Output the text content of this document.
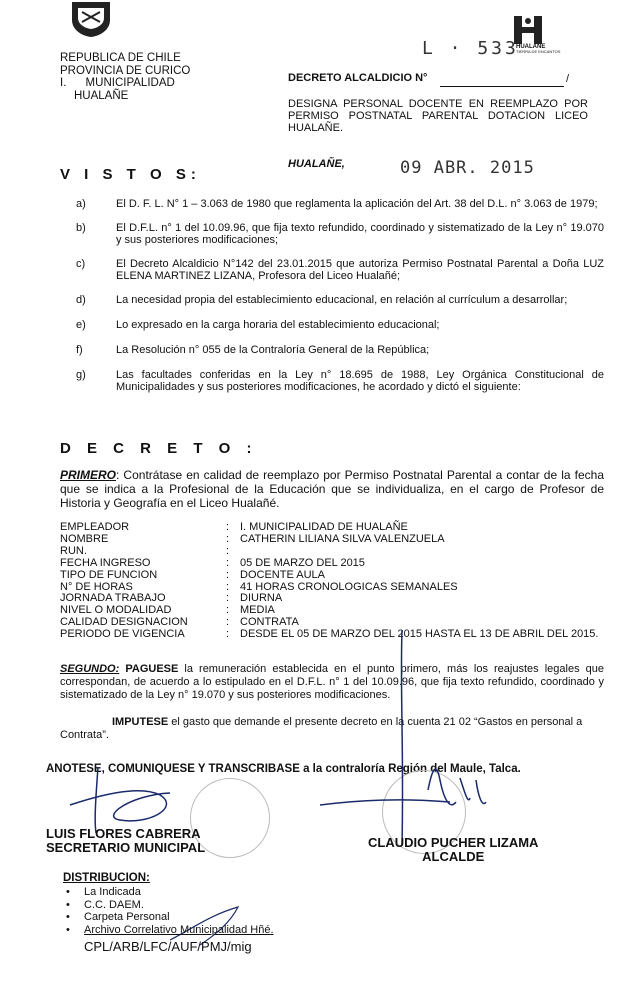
REPUBLICA DE CHILE
PROVINCIA DE CURICO
I.      MUNICIPALIDAD
HUALAÑE
HUALANE
TIERRA DE ENCANTOS
L · 533
DECRETO ALCALDICIO N°	/
DESIGNA PERSONAL DOCENTE EN REEMPLAZO POR PERMISO POSTNATAL PARENTAL DOTACION LICEO HUALAÑE.
V I S T O S:
HUALAÑE,	09 ABR. 2015
a)	El D. F. L. N° 1 – 3.063 de 1980 que reglamenta la aplicación del Art. 38 del D.L. n° 3.063 de 1979;
b)	El D.F.L. n° 1 del 10.09.96, que fija texto refundido, coordinado y sistematizado de la Ley n° 19.070 y sus posteriores modificaciones;
c)	El Decreto Alcaldicio N°142 del 23.01.2015 que autoriza Permiso Postnatal Parental a Doña LUZ ELENA MARTINEZ LIZANA, Profesora del Liceo Hualañé;
d)	La necesidad propia del establecimiento educacional, en relación al currículum a desarrollar;
e)	Lo expresado en la carga horaria del establecimiento educacional;
f)	La Resolución n° 055 de la Contraloría General de la República;
g)	Las facultades conferidas en la Ley n° 18.695 de 1988, Ley Orgánica Constitucional de Municipalidades y sus posteriores modificaciones, he acordado y dictó el siguiente:
D E C R E T O :
PRIMERO: Contrátase en calidad de reemplazo por Permiso Postnatal Parental a contar de la fecha que se indica a la Profesional de la Educación que se individualiza, en el cargo de Profesor de Historia y Geografía en el Liceo Hualañé.
EMPLEADOR	: I. MUNICIPALIDAD DE HUALAÑE
NOMBRE	: CATHERIN LILIANA SILVA VALENZUELA
RUN.	:
FECHA INGRESO	: 05 DE MARZO DEL 2015
TIPO DE FUNCION	: DOCENTE AULA
N° DE HORAS	: 41 HORAS CRONOLOGICAS SEMANALES
JORNADA TRABAJO	: DIURNA
NIVEL O MODALIDAD	: MEDIA
CALIDAD DESIGNACION	: CONTRATA
PERIODO DE VIGENCIA	: DESDE EL 05 DE MARZO DEL 2015 HASTA EL 13 DE ABRIL DEL 2015.
SEGUNDO: PAGUESE la remuneración establecida en el punto primero, más los reajustes legales que correspondan, de acuerdo a lo estipulado en el D.F.L. n° 1 del 10.09.96, que fija texto refundido, coordinado y sistematizado de la Ley n° 19.070 y sus posteriores modificaciones.
IMPUTESE el gasto que demande el presente decreto en la cuenta 21 02 “Gastos en personal a Contrata”.
ANOTESE, COMUNIQUESE Y TRANSCRIBASE a la contraloría Región del Maule, Talca.
LUIS FLORES CABRERA
SECRETARIO MUNICIPAL	CLAUDIO PUCHER LIZAMA
ALCALDE
DISTRIBUCION:
•	La Indicada
•	C.C. DAEM.
•	Carpeta Personal
•	Archivo Correlativo Municipalidad Hñé.
CPL/ARB/LFC/AUF/PMJ/mig
